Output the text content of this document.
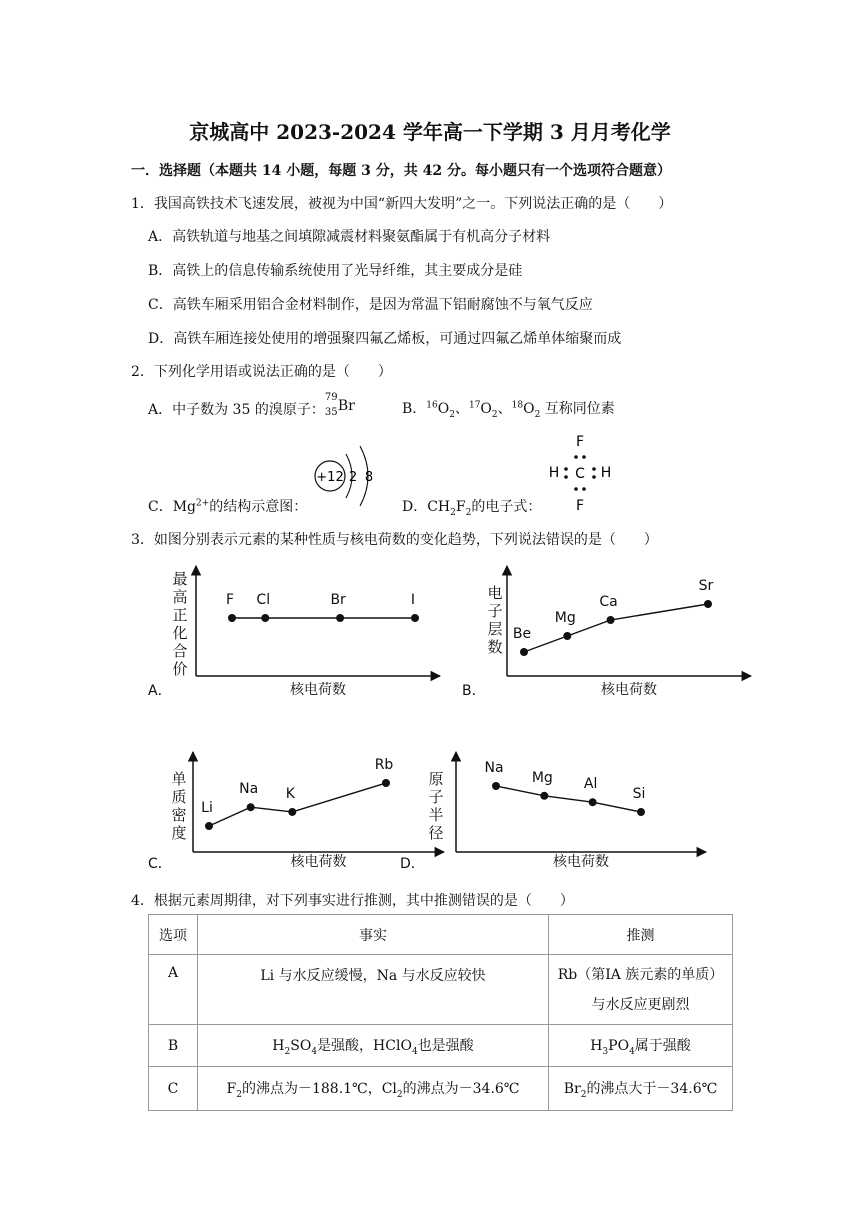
京城高中 2023-2024 学年高一下学期 3 月月考化学
一．选择题（本题共 14 小题，每题 3 分，共 42 分。每小题只有一个选项符合题意）
1．我国高铁技术飞速发展，被视为中国“新四大发明”之一。下列说法正确的是（　　）
A．高铁轨道与地基之间填隙减震材料聚氨酯属于有机高分子材料
B．高铁上的信息传输系统使用了光导纤维，其主要成分是硅
C．高铁车厢采用铝合金材料制作，是因为常温下铝耐腐蚀不与氧气反应
D．高铁车厢连接处使用的增强聚四氟乙烯板，可通过四氟乙烯单体缩聚而成
2．下列化学用语或说法正确的是（　　）
A．中子数为 35 的溴原子：
79
35 Br	B．$^{16}O_2$、$^{17}O_2$、$^{18}O_2$ 互称同位素
+12 2 8
C．$Mg^{2+}$的结构示意图：
F
H C H
F
D．$CH_2F_2$的电子式：
3．如图分别表示元素的某种性质与核电荷数的变化趋势，下列说法错误的是（　　）
最
高
正
化
合
价
核电荷数
A．
F Cl	Br	I	电
子
层
数
核电荷数
B．
Be
Mg
Ca
Sr
单
质
密
度
核电荷数
C．
Li
Na K
Rb
原
子
半
径
核电荷数
D．
Na
Mg Al
Si
4．根据元素周期律，对下列事实进行推测，其中推测错误的是（　　）
选项	事实	推测
A	Li 与水反应缓慢，Na 与水反应较快	Rb（第ⅠA 族元素的单质）
与水反应更剧烈
B	$H_2SO_4$是强酸，HClO$_4$也是强酸	$H_3PO_4$属于强酸
C	$F_2$的沸点为－188.1℃，$Cl_2$的沸点为－34.6℃	$Br_2$的沸点大于－34.6℃
